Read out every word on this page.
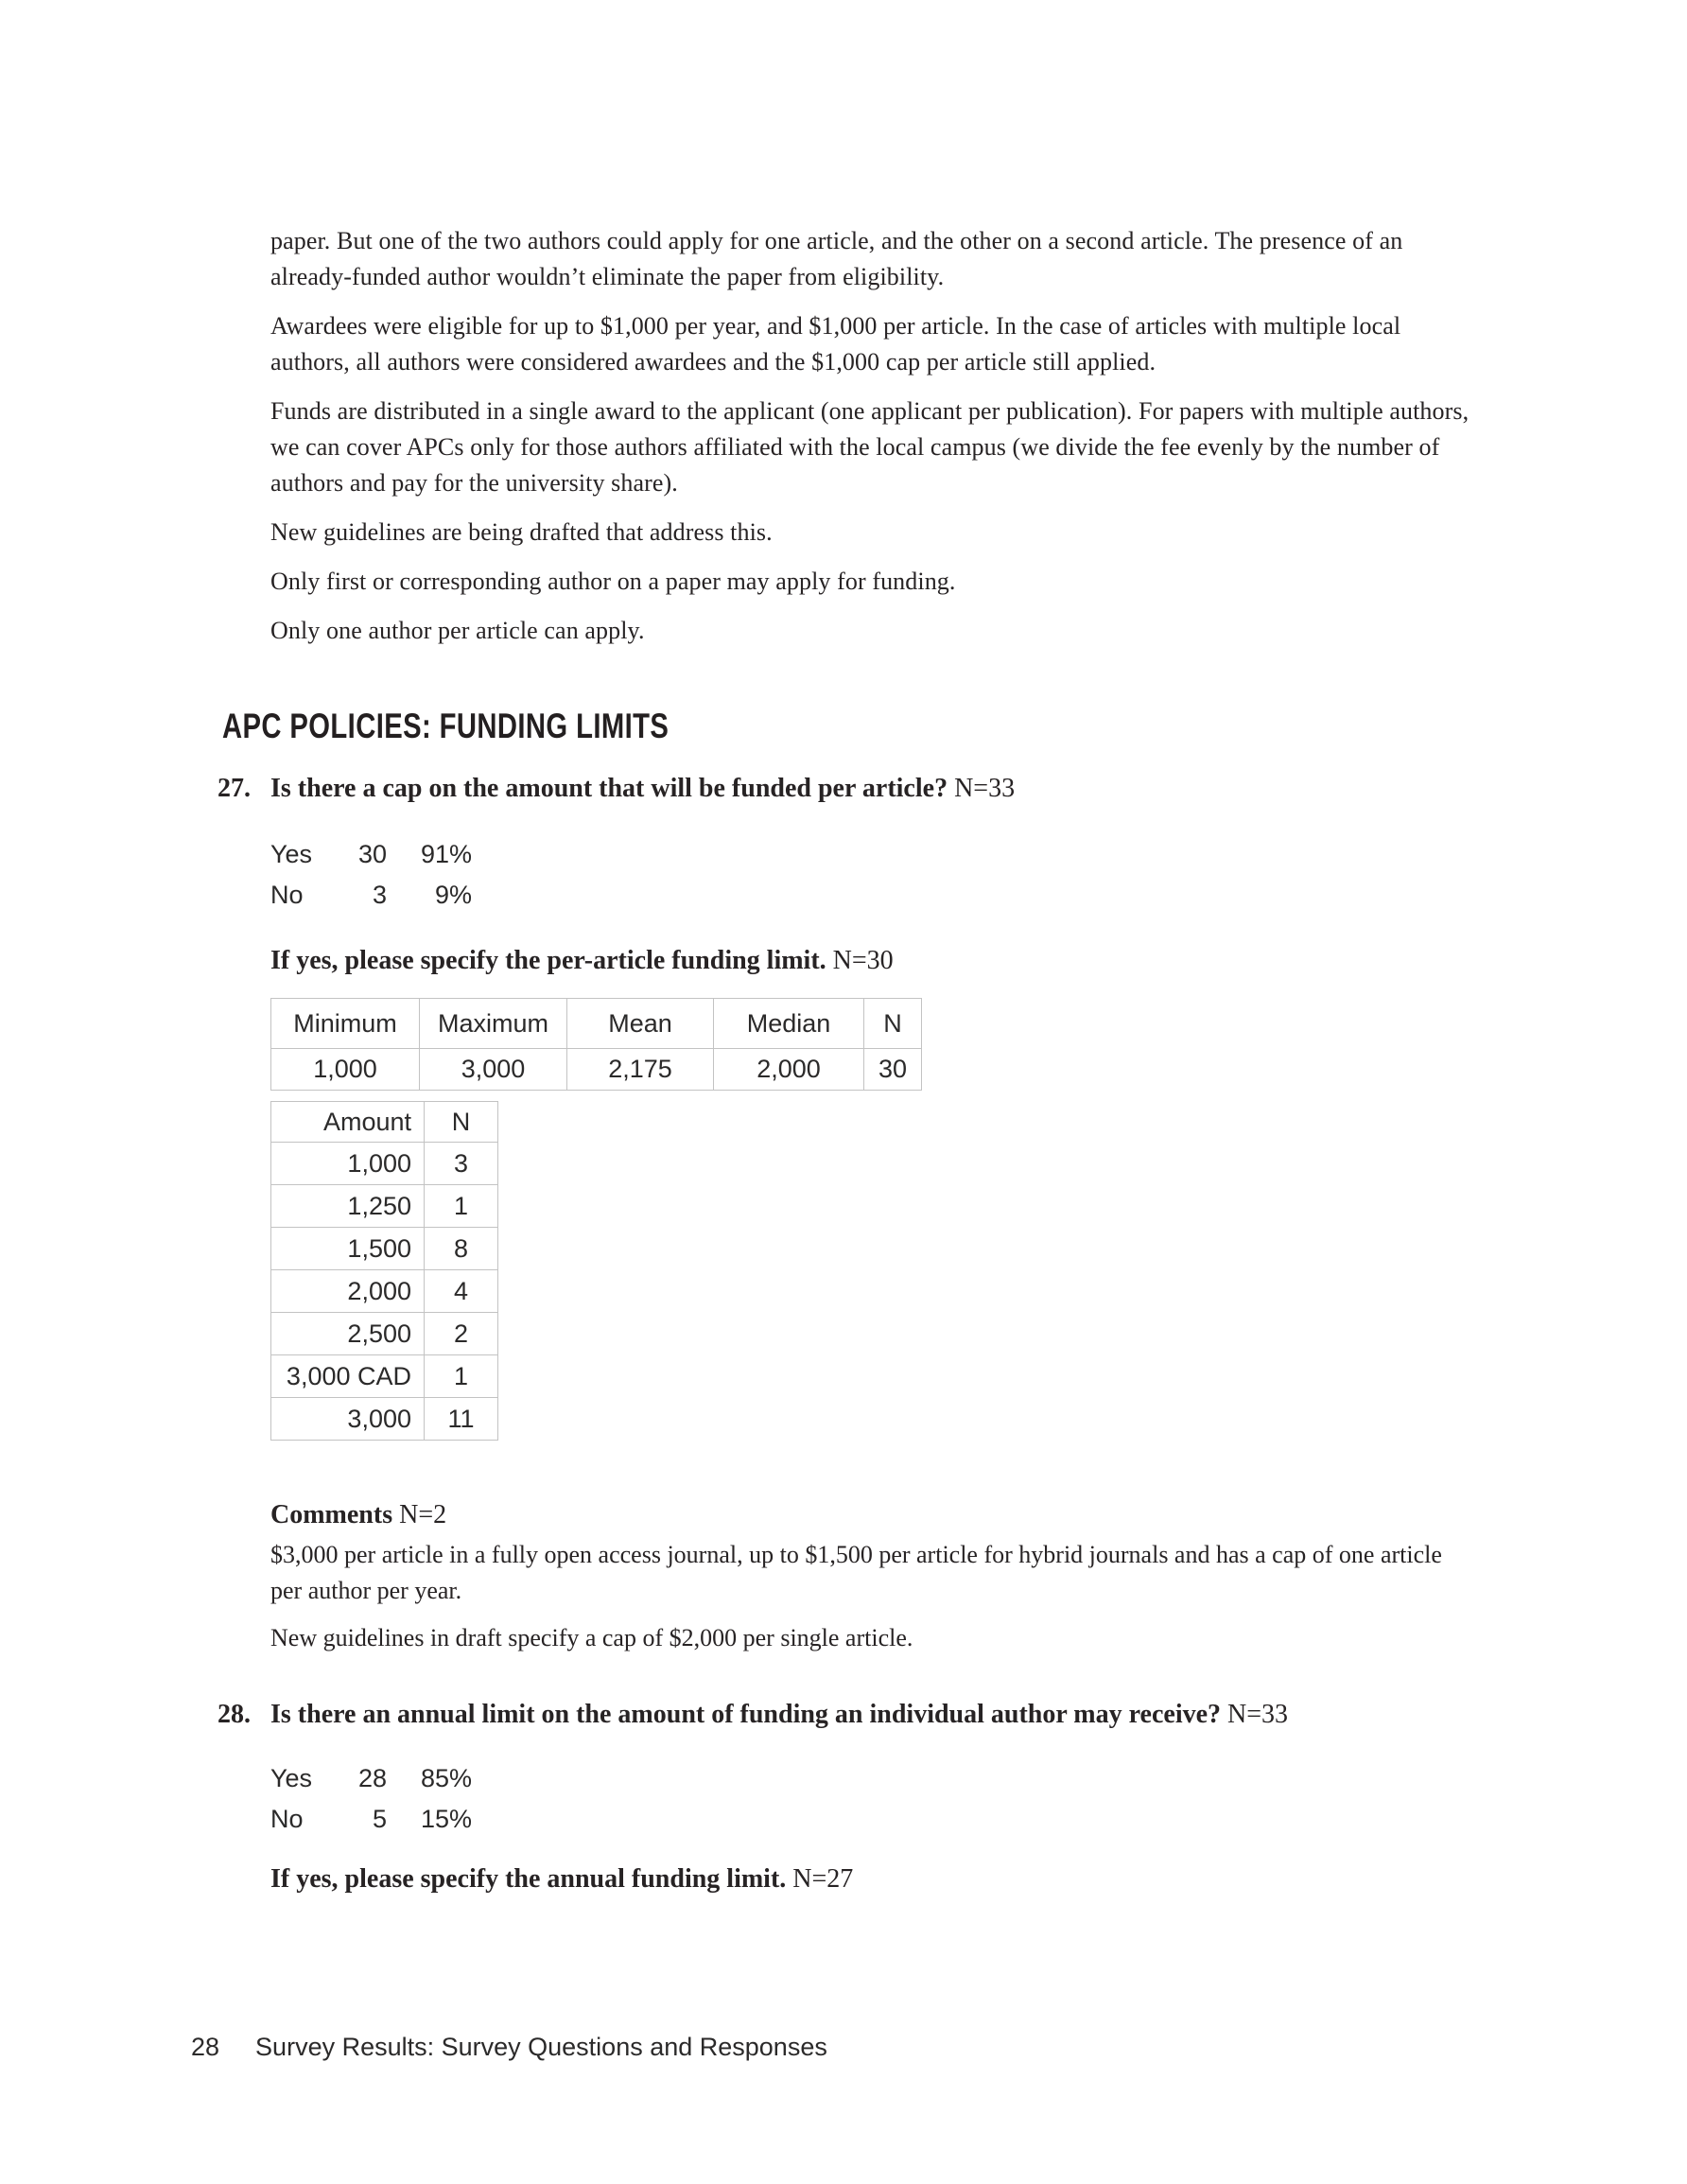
paper. But one of the two authors could apply for one article, and the other on a second article. The presence of an already-funded author wouldn’t eliminate the paper from eligibility.

Awardees were eligible for up to $1,000 per year, and $1,000 per article. In the case of articles with multiple local authors, all authors were considered awardees and the $1,000 cap per article still applied.

Funds are distributed in a single award to the applicant (one applicant per publication). For papers with multiple authors, we can cover APCs only for those authors affiliated with the local campus (we divide the fee evenly by the number of authors and pay for the university share).

New guidelines are being drafted that address this.

Only first or corresponding author on a paper may apply for funding.

Only one author per article can apply.

APC POLICIES: FUNDING LIMITS
27. Is there a cap on the amount that will be funded per article? N=33
Yes	30	91%
No	3	9%
If yes, please specify the per-article funding limit. N=30
Minimum	Maximum	Mean	Median	N
1,000	3,000	2,175	2,000	30
Amount	N
1,000	3
1,250	1
1,500	8
2,000	4
2,500	2
3,000 CAD	1
3,000	11
Comments N=2

$3,000 per article in a fully open access journal, up to $1,500 per article for hybrid journals and has a cap of one article per author per year.

New guidelines in draft specify a cap of $2,000 per single article.

28. Is there an annual limit on the amount of funding an individual author may receive? N=33
Yes	28	85%
No	5	15%
If yes, please specify the annual funding limit. N=27
28 Survey Results: Survey Questions and Responses
